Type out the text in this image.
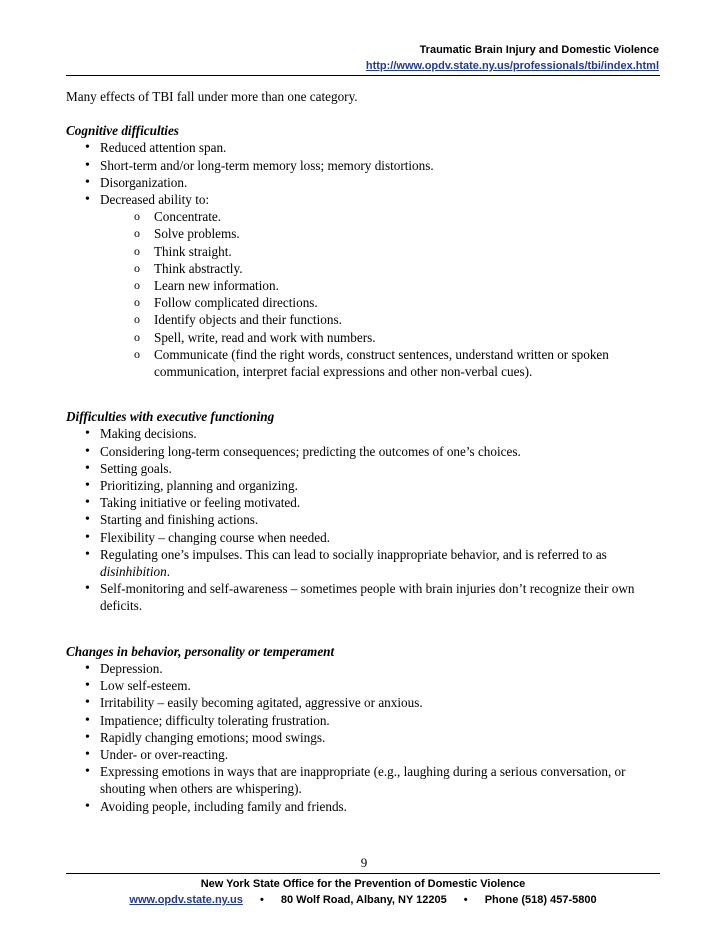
Traumatic Brain Injury and Domestic Violence
http://www.opdv.state.ny.us/professionals/tbi/index.html

Many effects of TBI fall under more than one category.

Cognitive difficulties

• Reduced attention span.
• Short-term and/or long-term memory loss; memory distortions.
• Disorganization.
• Decreased ability to:
o Concentrate.
o Solve problems.
o Think straight.
o Think abstractly.
o Learn new information.
o Follow complicated directions.
o Identify objects and their functions.
o Spell, write, read and work with numbers.
o Communicate (find the right words, construct sentences, understand written or spoken communication, interpret facial expressions and other non-verbal cues).

Difficulties with executive functioning

• Making decisions.
• Considering long-term consequences; predicting the outcomes of one’s choices.
• Setting goals.
• Prioritizing, planning and organizing.
• Taking initiative or feeling motivated.
• Starting and finishing actions.
• Flexibility – changing course when needed.
• Regulating one’s impulses. This can lead to socially inappropriate behavior, and is referred to as disinhibition.
• Self-monitoring and self-awareness – sometimes people with brain injuries don’t recognize their own deficits.

Changes in behavior, personality or temperament

• Depression.
• Low self-esteem.
• Irritability – easily becoming agitated, aggressive or anxious.
• Impatience; difficulty tolerating frustration.
• Rapidly changing emotions; mood swings.
• Under- or over-reacting.
• Expressing emotions in ways that are inappropriate (e.g., laughing during a serious conversation, or shouting when others are whispering).
• Avoiding people, including family and friends.
9
New York State Office for the Prevention of Domestic Violence
www.opdv.state.ny.us • 80 Wolf Road, Albany, NY 12205 • Phone (518) 457-5800
